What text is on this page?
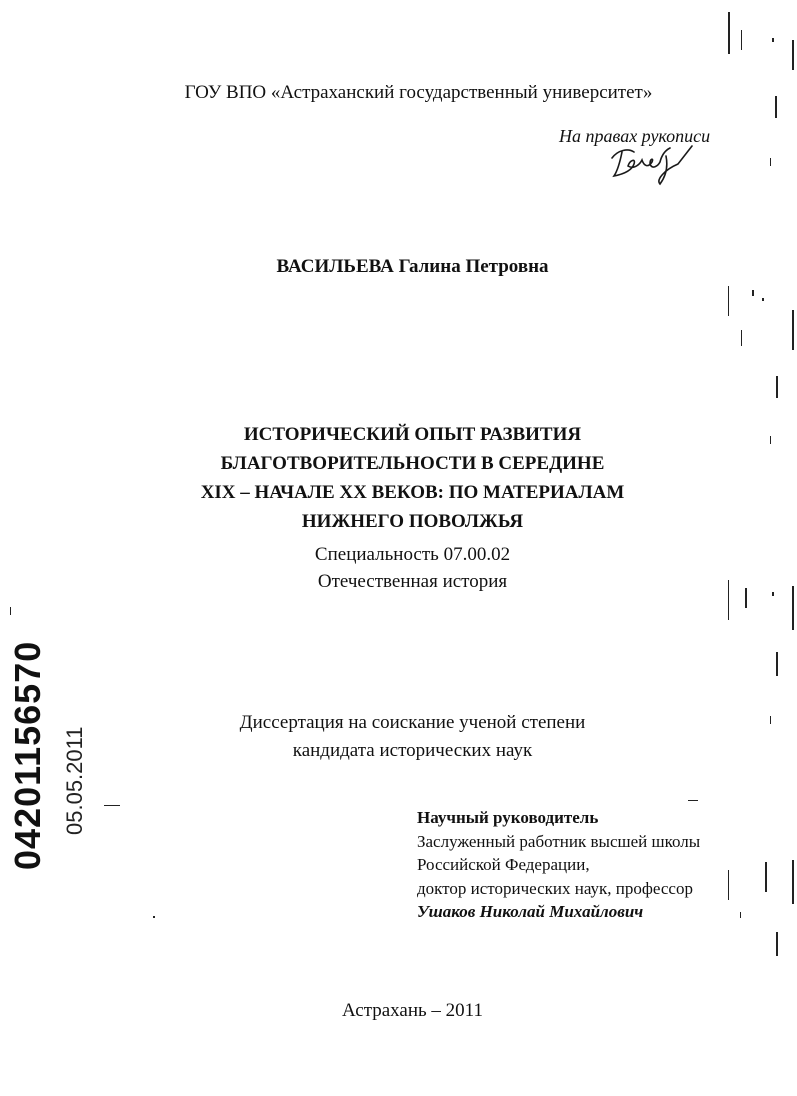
ГОУ ВПО «Астраханский государственный университет»
На правах рукописи
ВАСИЛЬЕВА Галина Петровна
ИСТОРИЧЕСКИЙ ОПЫТ РАЗВИТИЯ
БЛАГОТВОРИТЕЛЬНОСТИ В СЕРЕДИНЕ
XIX – НАЧАЛЕ XX ВЕКОВ: ПО МАТЕРИАЛАМ
НИЖНЕГО ПОВОЛЖЬЯ
Специальность 07.00.02
Отечественная история
Диссертация на соискание ученой степени
кандидата исторических наук
Научный руководитель
Заслуженный работник высшей школы
Российской Федерации,
доктор исторических наук, профессор
Ушаков Николай Михайлович
Астрахань – 2011
04201156570 05.05.2011
